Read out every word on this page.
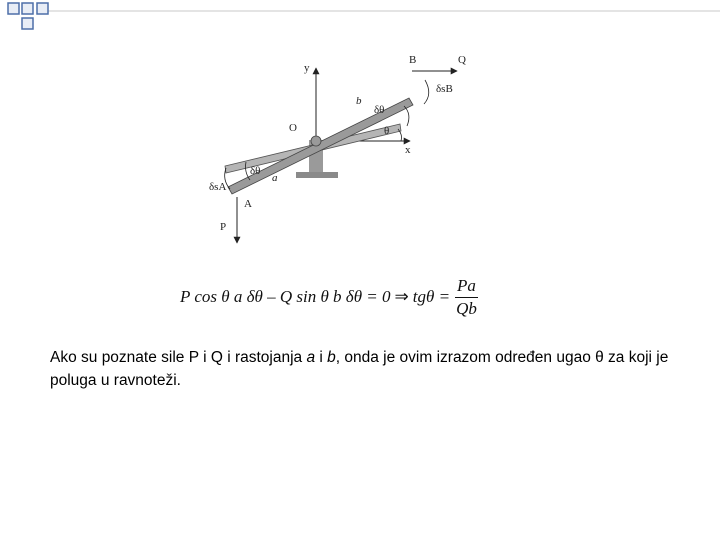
y
x
O
B	Q
A
P
b
a
δθ
θ
δθ
δsB
δsA
P cos θ a δθ – Q sin θ b δθ = 0 ⇒ $tg\theta = \frac{Pa}{Qb}$
Ako su poznate sile P i Q i rastojanja a i b, onda je ovim izrazom određen ugao θ za koji je poluga u ravnoteži.
